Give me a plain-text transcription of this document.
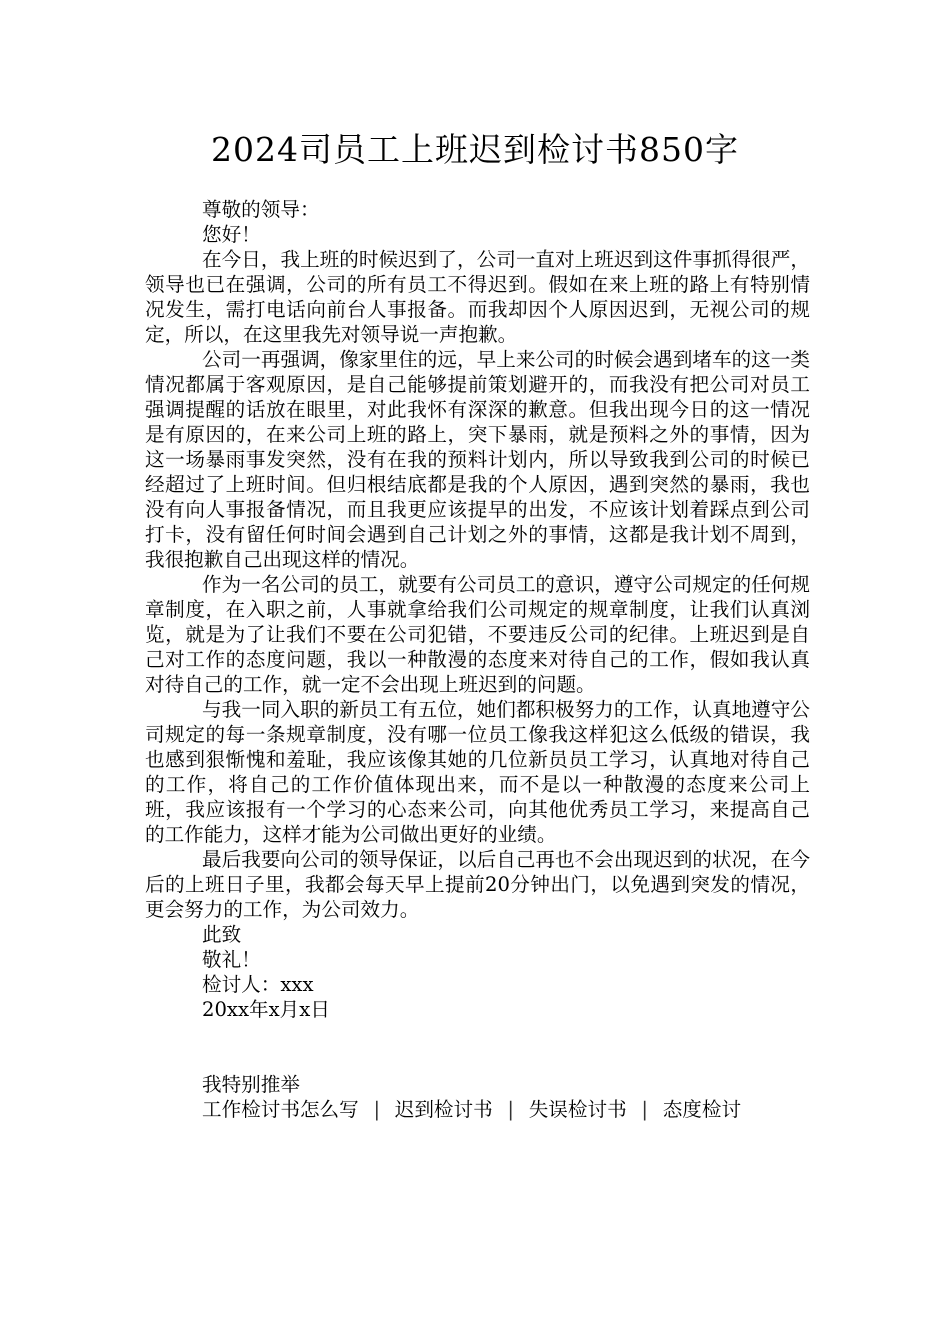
2024司员工上班迟到检讨书850字
尊敬的领导：
您好！

在今日，我上班的时候迟到了，公司一直对上班迟到这件事抓得很严，领导也已在强调，公司的所有员工不得迟到。假如在来上班的路上有特别情况发生，需打电话向前台人事报备。而我却因个人原因迟到，无视公司的规定，所以，在这里我先对领导说一声抱歉。

公司一再强调，像家里住的远，早上来公司的时候会遇到堵车的这一类情况都属于客观原因，是自己能够提前策划避开的，而我没有把公司对员工强调提醒的话放在眼里，对此我怀有深深的歉意。但我出现今日的这一情况是有原因的，在来公司上班的路上，突下暴雨，就是预料之外的事情，因为这一场暴雨事发突然，没有在我的预料计划内，所以导致我到公司的时候已经超过了上班时间。但归根结底都是我的个人原因，遇到突然的暴雨，我也没有向人事报备情况，而且我更应该提早的出发，不应该计划着踩点到公司打卡，没有留任何时间会遇到自己计划之外的事情，这都是我计划不周到，我很抱歉自己出现这样的情况。

作为一名公司的员工，就要有公司员工的意识，遵守公司规定的任何规章制度，在入职之前，人事就拿给我们公司规定的规章制度，让我们认真浏览，就是为了让我们不要在公司犯错，不要违反公司的纪律。上班迟到是自己对工作的态度问题，我以一种散漫的态度来对待自己的工作，假如我认真对待自己的工作，就一定不会出现上班迟到的问题。

与我一同入职的新员工有五位，她们都积极努力的工作，认真地遵守公司规定的每一条规章制度，没有哪一位员工像我这样犯这么低级的错误，我也感到狠惭愧和羞耻，我应该像其她的几位新员员工学习，认真地对待自己的工作，将自己的工作价值体现出来，而不是以一种散漫的态度来公司上班，我应该报有一个学习的心态来公司，向其他优秀员工学习，来提高自己的工作能力，这样才能为公司做出更好的业绩。

最后我要向公司的领导保证，以后自己再也不会出现迟到的状况，在今后的上班日子里，我都会每天早上提前20分钟出门，以免遇到突发的情况，更会努力的工作，为公司效力。

此致
敬礼！
检讨人：xxx
20xx年x月x日
我特别推举
工作检讨书怎么写 | 迟到检讨书 | 失误检讨书 | 态度检讨
